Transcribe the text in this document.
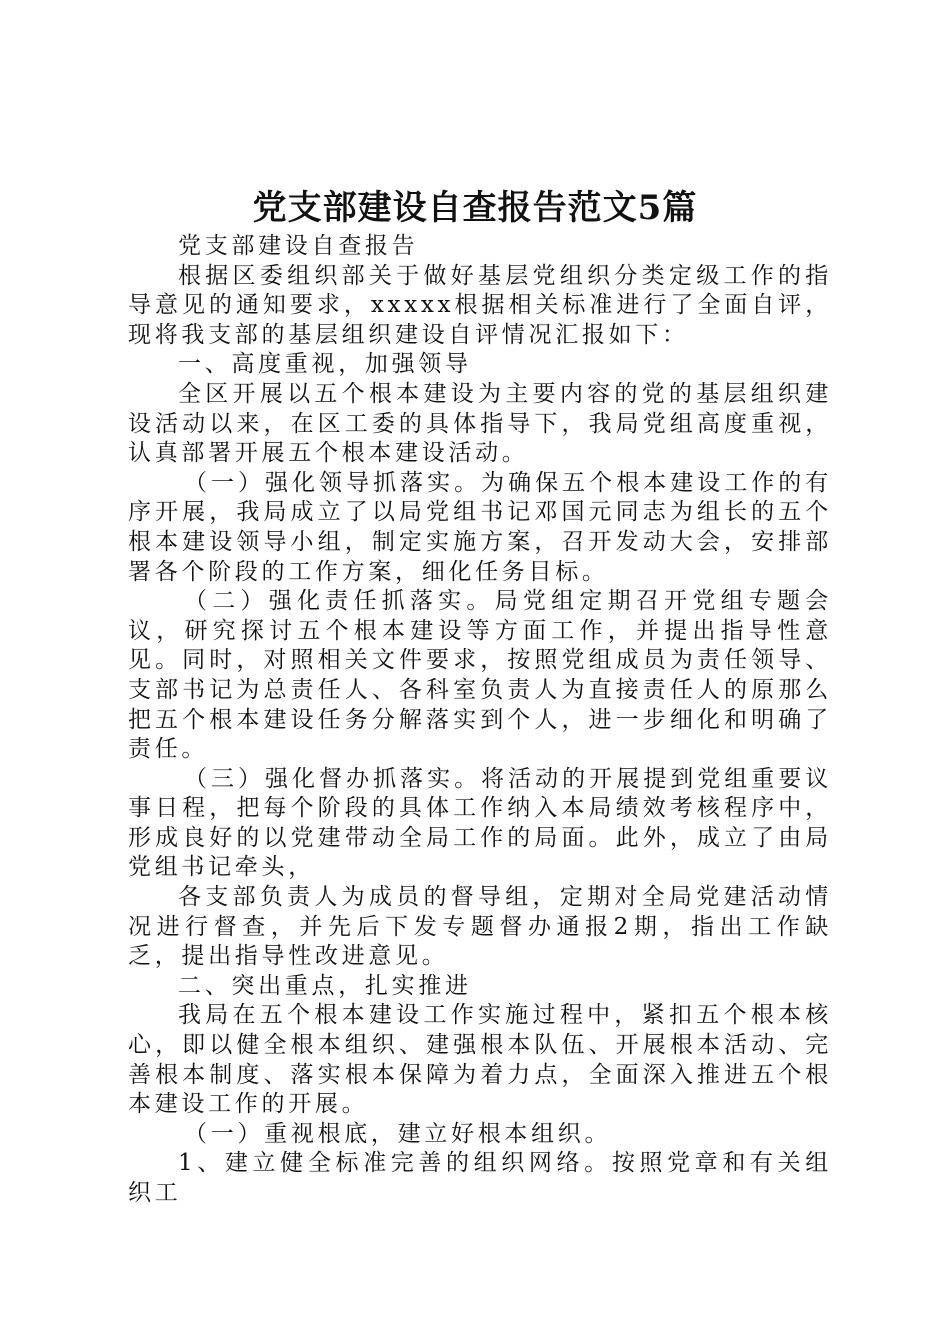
党支部建设自查报告范文5篇

党支部建设自查报告

根据区委组织部关于做好基层党组织分类定级工作的指导意见的通知要求，xxxxx根据相关标准进行了全面自评，现将我支部的基层组织建设自评情况汇报如下：

一、高度重视，加强领导

全区开展以五个根本建设为主要内容的党的基层组织建设活动以来，在区工委的具体指导下，我局党组高度重视，认真部署开展五个根本建设活动。

（一）强化领导抓落实。为确保五个根本建设工作的有序开展，我局成立了以局党组书记邓国元同志为组长的五个根本建设领导小组，制定实施方案，召开发动大会，安排部署各个阶段的工作方案，细化任务目标。

（二）强化责任抓落实。局党组定期召开党组专题会议，研究探讨五个根本建设等方面工作，并提出指导性意见。同时，对照相关文件要求，按照党组成员为责任领导、支部书记为总责任人、各科室负责人为直接责任人的原那么把五个根本建设任务分解落实到个人，进一步细化和明确了责任。

（三）强化督办抓落实。将活动的开展提到党组重要议事日程，把每个阶段的具体工作纳入本局绩效考核程序中，形成良好的以党建带动全局工作的局面。此外，成立了由局党组书记牵头，

各支部负责人为成员的督导组，定期对全局党建活动情况进行督查，并先后下发专题督办通报2期，指出工作缺乏，提出指导性改进意见。

二、突出重点，扎实推进

我局在五个根本建设工作实施过程中，紧扣五个根本核心，即以健全根本组织、建强根本队伍、开展根本活动、完善根本制度、落实根本保障为着力点，全面深入推进五个根本建设工作的开展。

（一）重视根底，建立好根本组织。

1、建立健全标准完善的组织网络。按照党章和有关组织工
